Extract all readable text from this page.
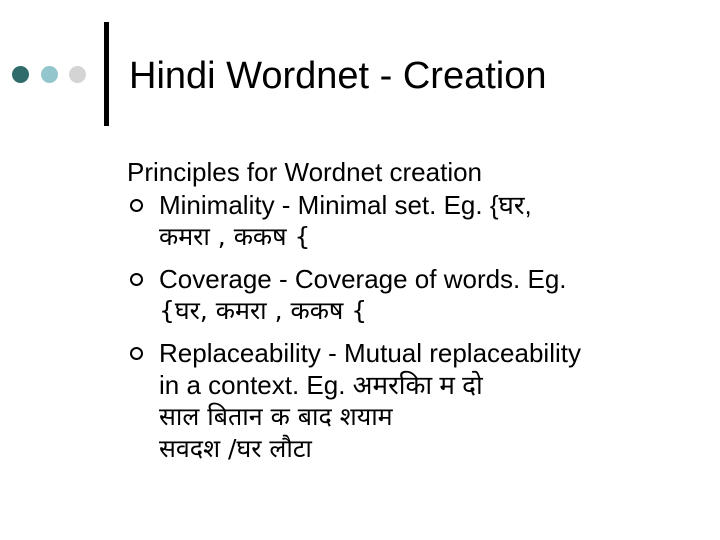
Hindi Wordnet - Creation
Principles for Wordnet creation
Minimality - Minimal set. Eg. {घर,
कमरा , ककष {
Coverage - Coverage of words. Eg.
{घर, कमरा , ककष {
Replaceability - Mutual replaceability
in a context. Eg. अमरकिा म दो
साल बितान क बाद शयाम
सवदश /घर लौटा
